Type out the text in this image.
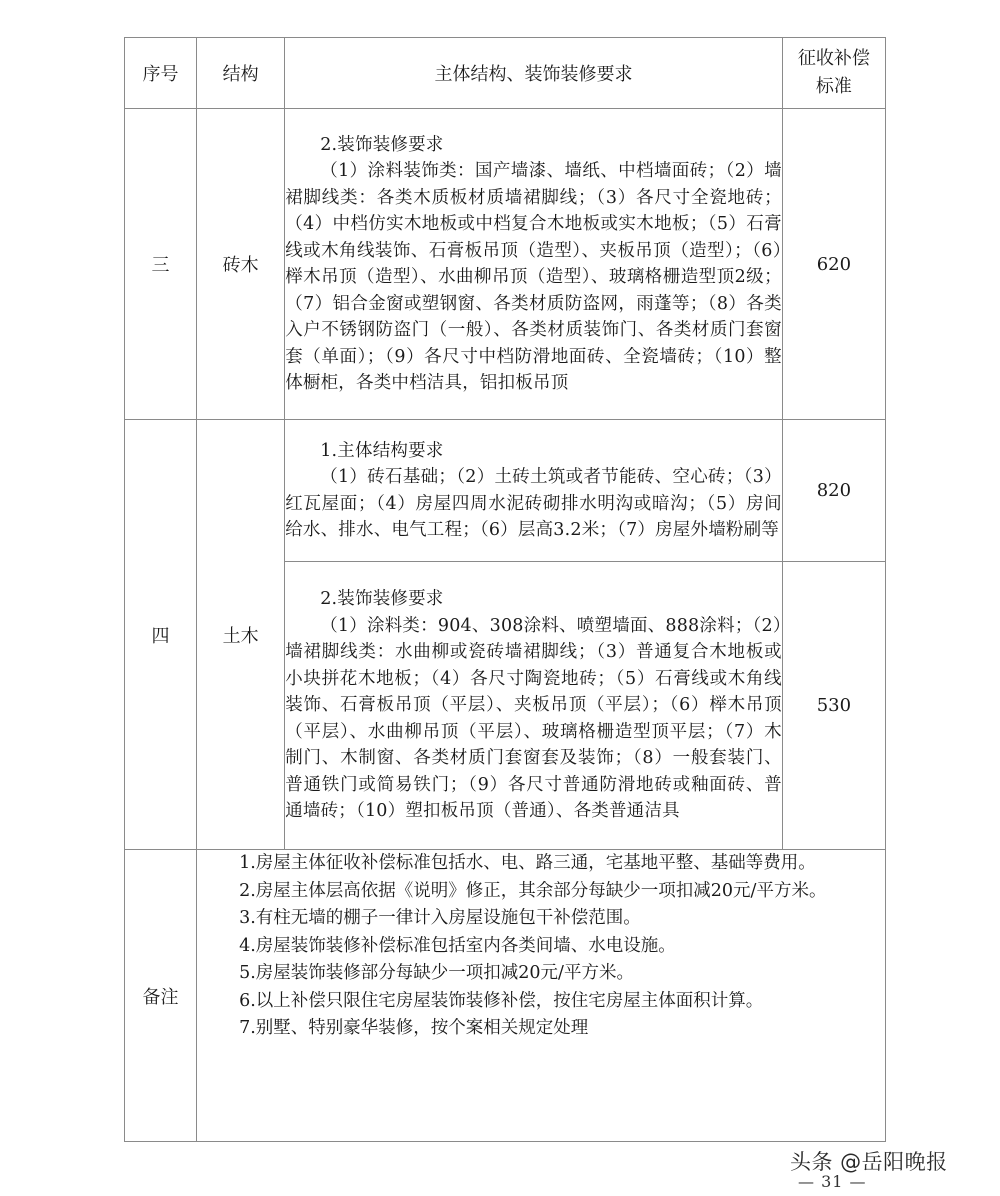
序号	结构	主体结构、装饰装修要求	征收补偿
标准

三	砖木	2.装饰装修要求
（1）涂料装饰类：国产墙漆、墙纸、中档墙面砖；（2）墙裙脚线类：各类木质板材质墙裙脚线；（3）各尺寸全瓷地砖；（4）中档仿实木地板或中档复合木地板或实木地板；（5）石膏线或木角线装饰、石膏板吊顶（造型）、夹板吊顶（造型）；（6）榉木吊顶（造型）、水曲柳吊顶（造型）、玻璃格栅造型顶2级；（7）铝合金窗或塑钢窗、各类材质防盗网，雨蓬等；（8）各类入户不锈钢防盗门（一般）、各类材质装饰门、各类材质门套窗套（单面）；（9）各尺寸中档防滑地面砖、全瓷墙砖；（10）整体橱柜，各类中档洁具，铝扣板吊顶	620
四	土木	1.主体结构要求
（1）砖石基础；（2）土砖土筑或者节能砖、空心砖；（3）红瓦屋面；（4）房屋四周水泥砖砌排水明沟或暗沟；（5）房间给水、排水、电气工程；（6）层高3.2米；（7）房屋外墙粉刷等	820

		2.装饰装修要求
（1）涂料类：904、308涂料、喷塑墙面、888涂料；（2）墙裙脚线类：水曲柳或瓷砖墙裙脚线；（3）普通复合木地板或小块拼花木地板；（4）各尺寸陶瓷地砖；（5）石膏线或木角线装饰、石膏板吊顶（平层）、夹板吊顶（平层）；（6）榉木吊顶（平层）、水曲柳吊顶（平层）、玻璃格栅造型顶平层；（7）木制门、木制窗、各类材质门套窗套及装饰；（8）一般套装门、普通铁门或简易铁门；（9）各尺寸普通防滑地砖或釉面砖、普通墙砖；（10）塑扣板吊顶（普通）、各类普通洁具	530
备注	
1.房屋主体征收补偿标准包括水、电、路三通，宅基地平整、基础等费用。
2.房屋主体层高依据《说明》修正，其余部分每缺少一项扣减20元/平方米。
3.有柱无墙的棚子一律计入房屋设施包干补偿范围。
4.房屋装饰装修补偿标准包括室内各类间墙、水电设施。
5.房屋装饰装修部分每缺少一项扣减20元/平方米。
6.以上补偿只限住宅房屋装饰装修补偿，按住宅房屋主体面积计算。
7.别墅、特别豪华装修，按个案相关规定处理
头条 @岳阳晚报
— 31 —
